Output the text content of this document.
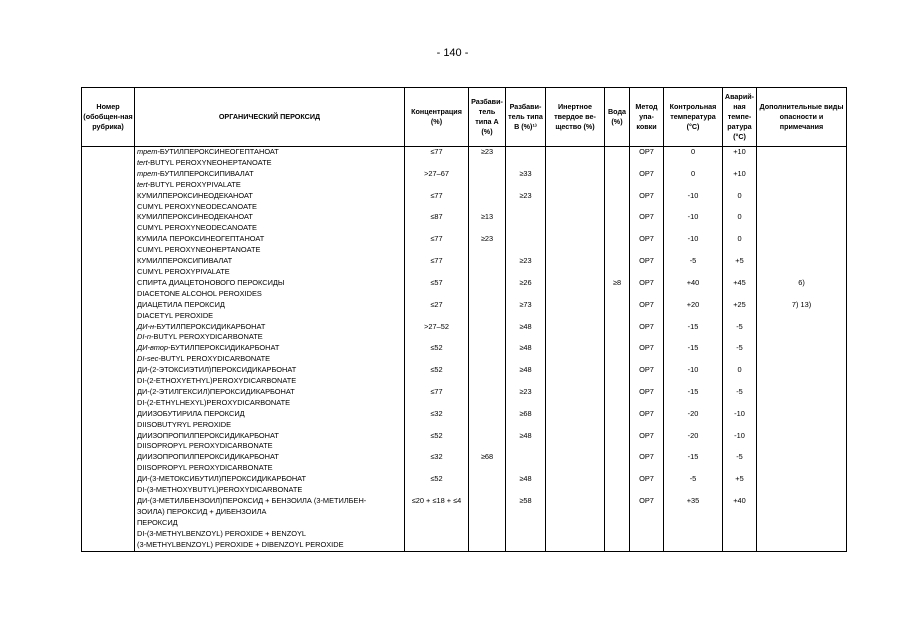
- 140 -
Номер (обобщен-ная рубрика)	ОРГАНИЧЕСКИЙ ПЕРОКСИД	Концентрация (%)	Разбави-тель типа А (%)	Разбави-тель типа В (%)¹⁾	Инертное твердое ве-щество (%)	Вода (%)	Метод упа-ковки	Контрольная температура (°C)	Аварий-ная темпе-ратура (°C)	Дополнительные виды опасности и примечания

	трет-БУТИЛПЕРОКСИНЕОГЕПТАНОАТ
tert-BUTYL PEROXYNEOHEPTANOATE	≤77	≥23				OP7	0	+10	

	трет-БУТИЛПЕРОКСИПИВАЛАТ
tert-BUTYL PEROXYPIVALATE	>27–67		≥33			OP7	0	+10	

	КУМИЛПЕРОКСИНЕОДЕКАНОАТ
CUMYL PEROXYNEODECANOATE	≤77		≥23			OP7	-10	0	

	КУМИЛПЕРОКСИНЕОДЕКАНОАТ
CUMYL PEROXYNEODECANOATE	≤87	≥13				OP7	-10	0	

	КУМИЛА ПЕРОКСИНЕОГЕПТАНОАТ
CUMYL PEROXYNEOHEPTANOATE	≤77	≥23				OP7	-10	0	

	КУМИЛПЕРОКСИПИВАЛАТ
CUMYL PEROXYPIVALATE	≤77		≥23			OP7	-5	+5	

	СПИРТА ДИАЦЕТОНОВОГО ПЕРОКСИДЫ
DIACETONE ALCOHOL PEROXIDES	≤57		≥26		≥8	OP7	+40	+45	6)

	ДИАЦЕТИЛА ПЕРОКСИД
DIACETYL PEROXIDE	≤27		≥73			OP7	+20	+25	7) 13)

	ДИ-н-БУТИЛПЕРОКСИДИКАРБОНАТ
DI-n-BUTYL PEROXYDICARBONATE	>27–52		≥48			OP7	-15	-5	

	ДИ-втор-БУТИЛПЕРОКСИДИКАРБОНАТ
DI-sec-BUTYL PEROXYDICARBONATE	≤52		≥48			OP7	-15	-5	

	ДИ-(2-ЭТОКСИЭТИЛ)ПЕРОКСИДИКАРБОНАТ
DI-(2-ETHOXYETHYL)PEROXYDICARBONATE	≤52		≥48			OP7	-10	0	

	ДИ-(2-ЭТИЛГЕКСИЛ)ПЕРОКСИДИКАРБОНАТ
DI-(2-ETHYLHEXYL)PEROXYDICARBONATE	≤77		≥23			OP7	-15	-5	

	ДИИЗОБУТИРИЛА ПЕРОКСИД
DIISOBUTYRYL PEROXIDE	≤32		≥68			OP7	-20	-10	

	ДИИЗОПРОПИЛПЕРОКСИДИКАРБОНАТ
DIISOPROPYL PEROXYDICARBONATE	≤52		≥48			OP7	-20	-10	

	ДИИЗОПРОПИЛПЕРОКСИДИКАРБОНАТ
DIISOPROPYL PEROXYDICARBONATE	≤32	≥68				OP7	-15	-5	

	ДИ-(3-МЕТОКСИБУТИЛ)ПЕРОКСИДИКАРБОНАТ
DI-(3-METHOXYBUTYL)PEROXYDICARBONATE	≤52		≥48			OP7	-5	+5	

	ДИ-(3-МЕТИЛБЕНЗОИЛ)ПЕРОКСИД + БЕНЗОИЛА (3-МЕТИЛБЕН-
ЗОИЛА) ПЕРОКСИД + ДИБЕНЗОИЛА
ПЕРОКСИД
DI-(3-METHYLBENZOYL) PEROXIDE + BENZOYL
(3-METHYLBENZOYL) PEROXIDE + DIBENZOYL PEROXIDE	≤20 + ≤18 + ≤4		≥58			OP7	+35	+40	
